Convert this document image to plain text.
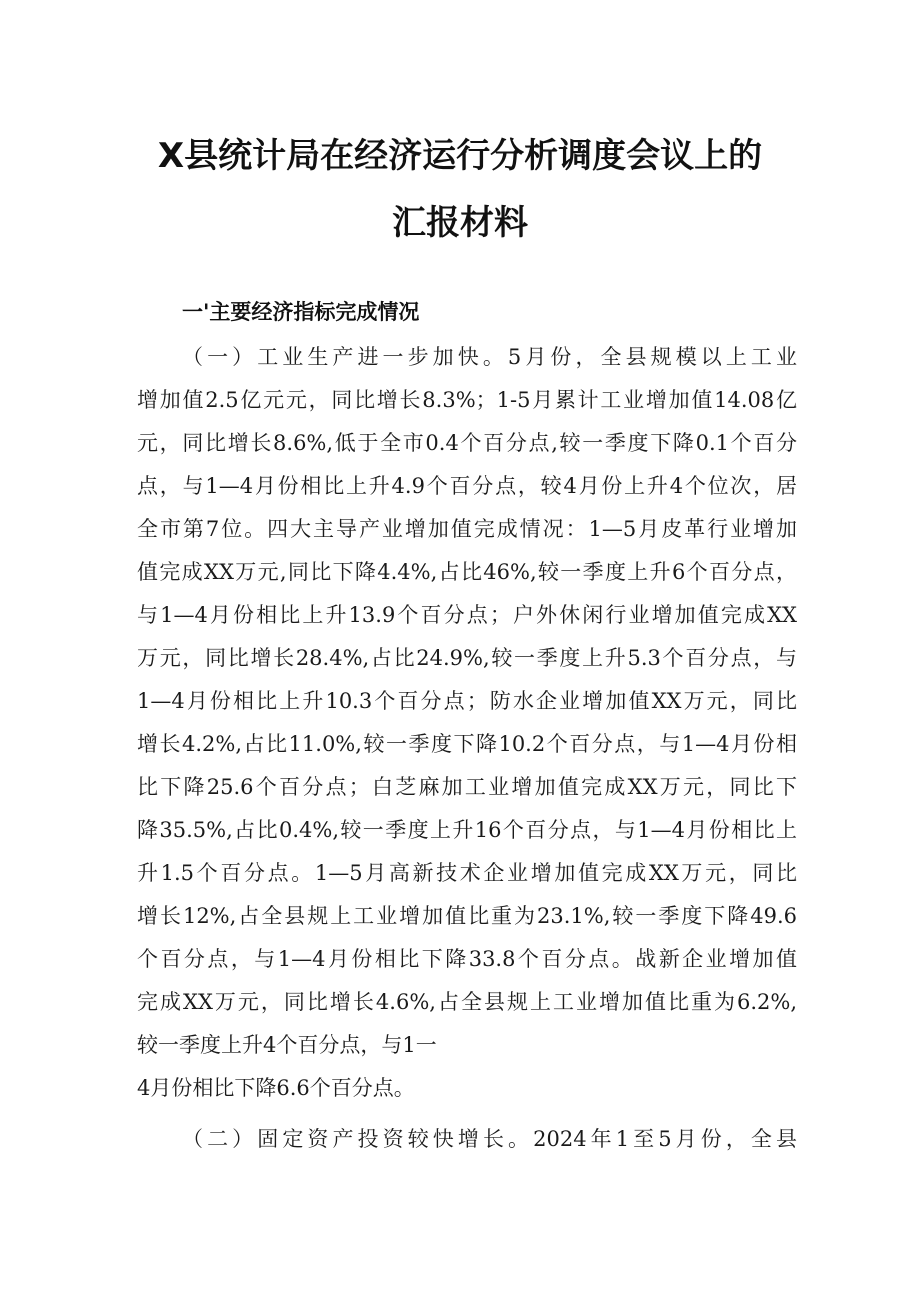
X县统计局在经济运行分析调度会议上的
汇报材料
一'主要经济指标完成情况

（一）工业生产进一步加快。5月份，全县规模以上工业

增加值2.5亿元元，同比增长8.3%；1-5月累计工业增加值14.08亿

元，同比增长8.6%,低于全市0.4个百分点,较一季度下降0.1个百分

点，与1—4月份相比上升4.9个百分点，较4月份上升4个位次，居

全市第7位。四大主导产业增加值完成情况：1—5月皮革行业增加

值完成XX万元,同比下降4.4%,占比46%,较一季度上升6个百分点，

与1—4月份相比上升13.9个百分点；户外休闲行业增加值完成XX

万元，同比增长28.4%,占比24.9%,较一季度上升5.3个百分点，与

1—4月份相比上升10.3个百分点；防水企业增加值XX万元，同比

增长4.2%,占比11.0%,较一季度下降10.2个百分点，与1—4月份相

比下降25.6个百分点；白芝麻加工业增加值完成XX万元，同比下

降35.5%,占比0.4%,较一季度上升16个百分点，与1—4月份相比上

升1.5个百分点。1—5月高新技术企业增加值完成XX万元，同比

增长12%,占全县规上工业增加值比重为23.1%,较一季度下降49.6

个百分点，与1—4月份相比下降33.8个百分点。战新企业增加值

完成XX万元，同比增长4.6%,占全县规上工业增加值比重为6.2%,

较一季度上升4个百分点，与1一

4月份相比下降6.6个百分点。

（二）固定资产投资较快增长。2024年1至5月份，全县
